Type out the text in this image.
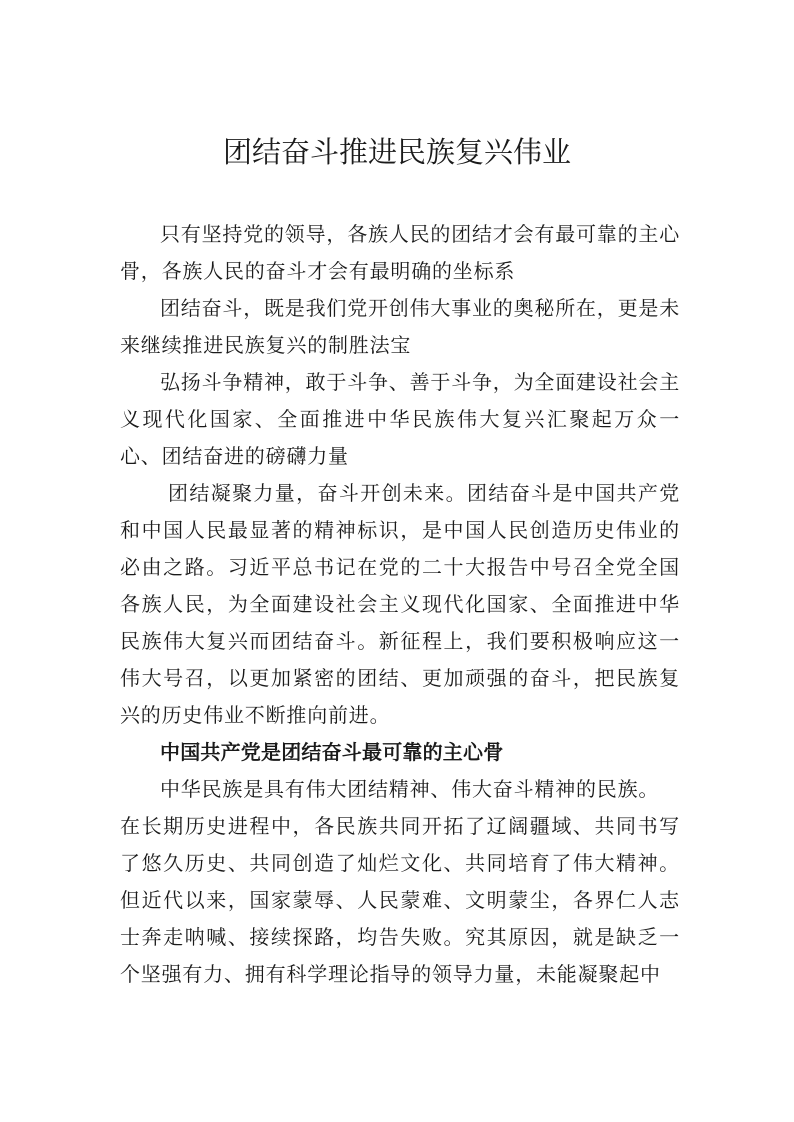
团结奋斗推进民族复兴伟业

只有坚持党的领导，各族人民的团结才会有最可靠的主心骨，各族人民的奋斗才会有最明确的坐标系

团结奋斗，既是我们党开创伟大事业的奥秘所在，更是未来继续推进民族复兴的制胜法宝

弘扬斗争精神，敢于斗争、善于斗争，为全面建设社会主义现代化国家、全面推进中华民族伟大复兴汇聚起万众一心、团结奋进的磅礴力量

团结凝聚力量，奋斗开创未来。团结奋斗是中国共产党和中国人民最显著的精神标识，是中国人民创造历史伟业的必由之路。习近平总书记在党的二十大报告中号召全党全国各族人民，为全面建设社会主义现代化国家、全面推进中华民族伟大复兴而团结奋斗。新征程上，我们要积极响应这一伟大号召，以更加紧密的团结、更加顽强的奋斗，把民族复兴的历史伟业不断推向前进。

中国共产党是团结奋斗最可靠的主心骨

中华民族是具有伟大团结精神、伟大奋斗精神的民族。

在长期历史进程中，各民族共同开拓了辽阔疆域、共同书写了悠久历史、共同创造了灿烂文化、共同培育了伟大精神。 但近代以来，国家蒙辱、人民蒙难、文明蒙尘，各界仁人志士奔走呐喊、接续探路，均告失败。究其原因，就是缺乏一个坚强有力、拥有科学理论指导的领导力量，未能凝聚起中
